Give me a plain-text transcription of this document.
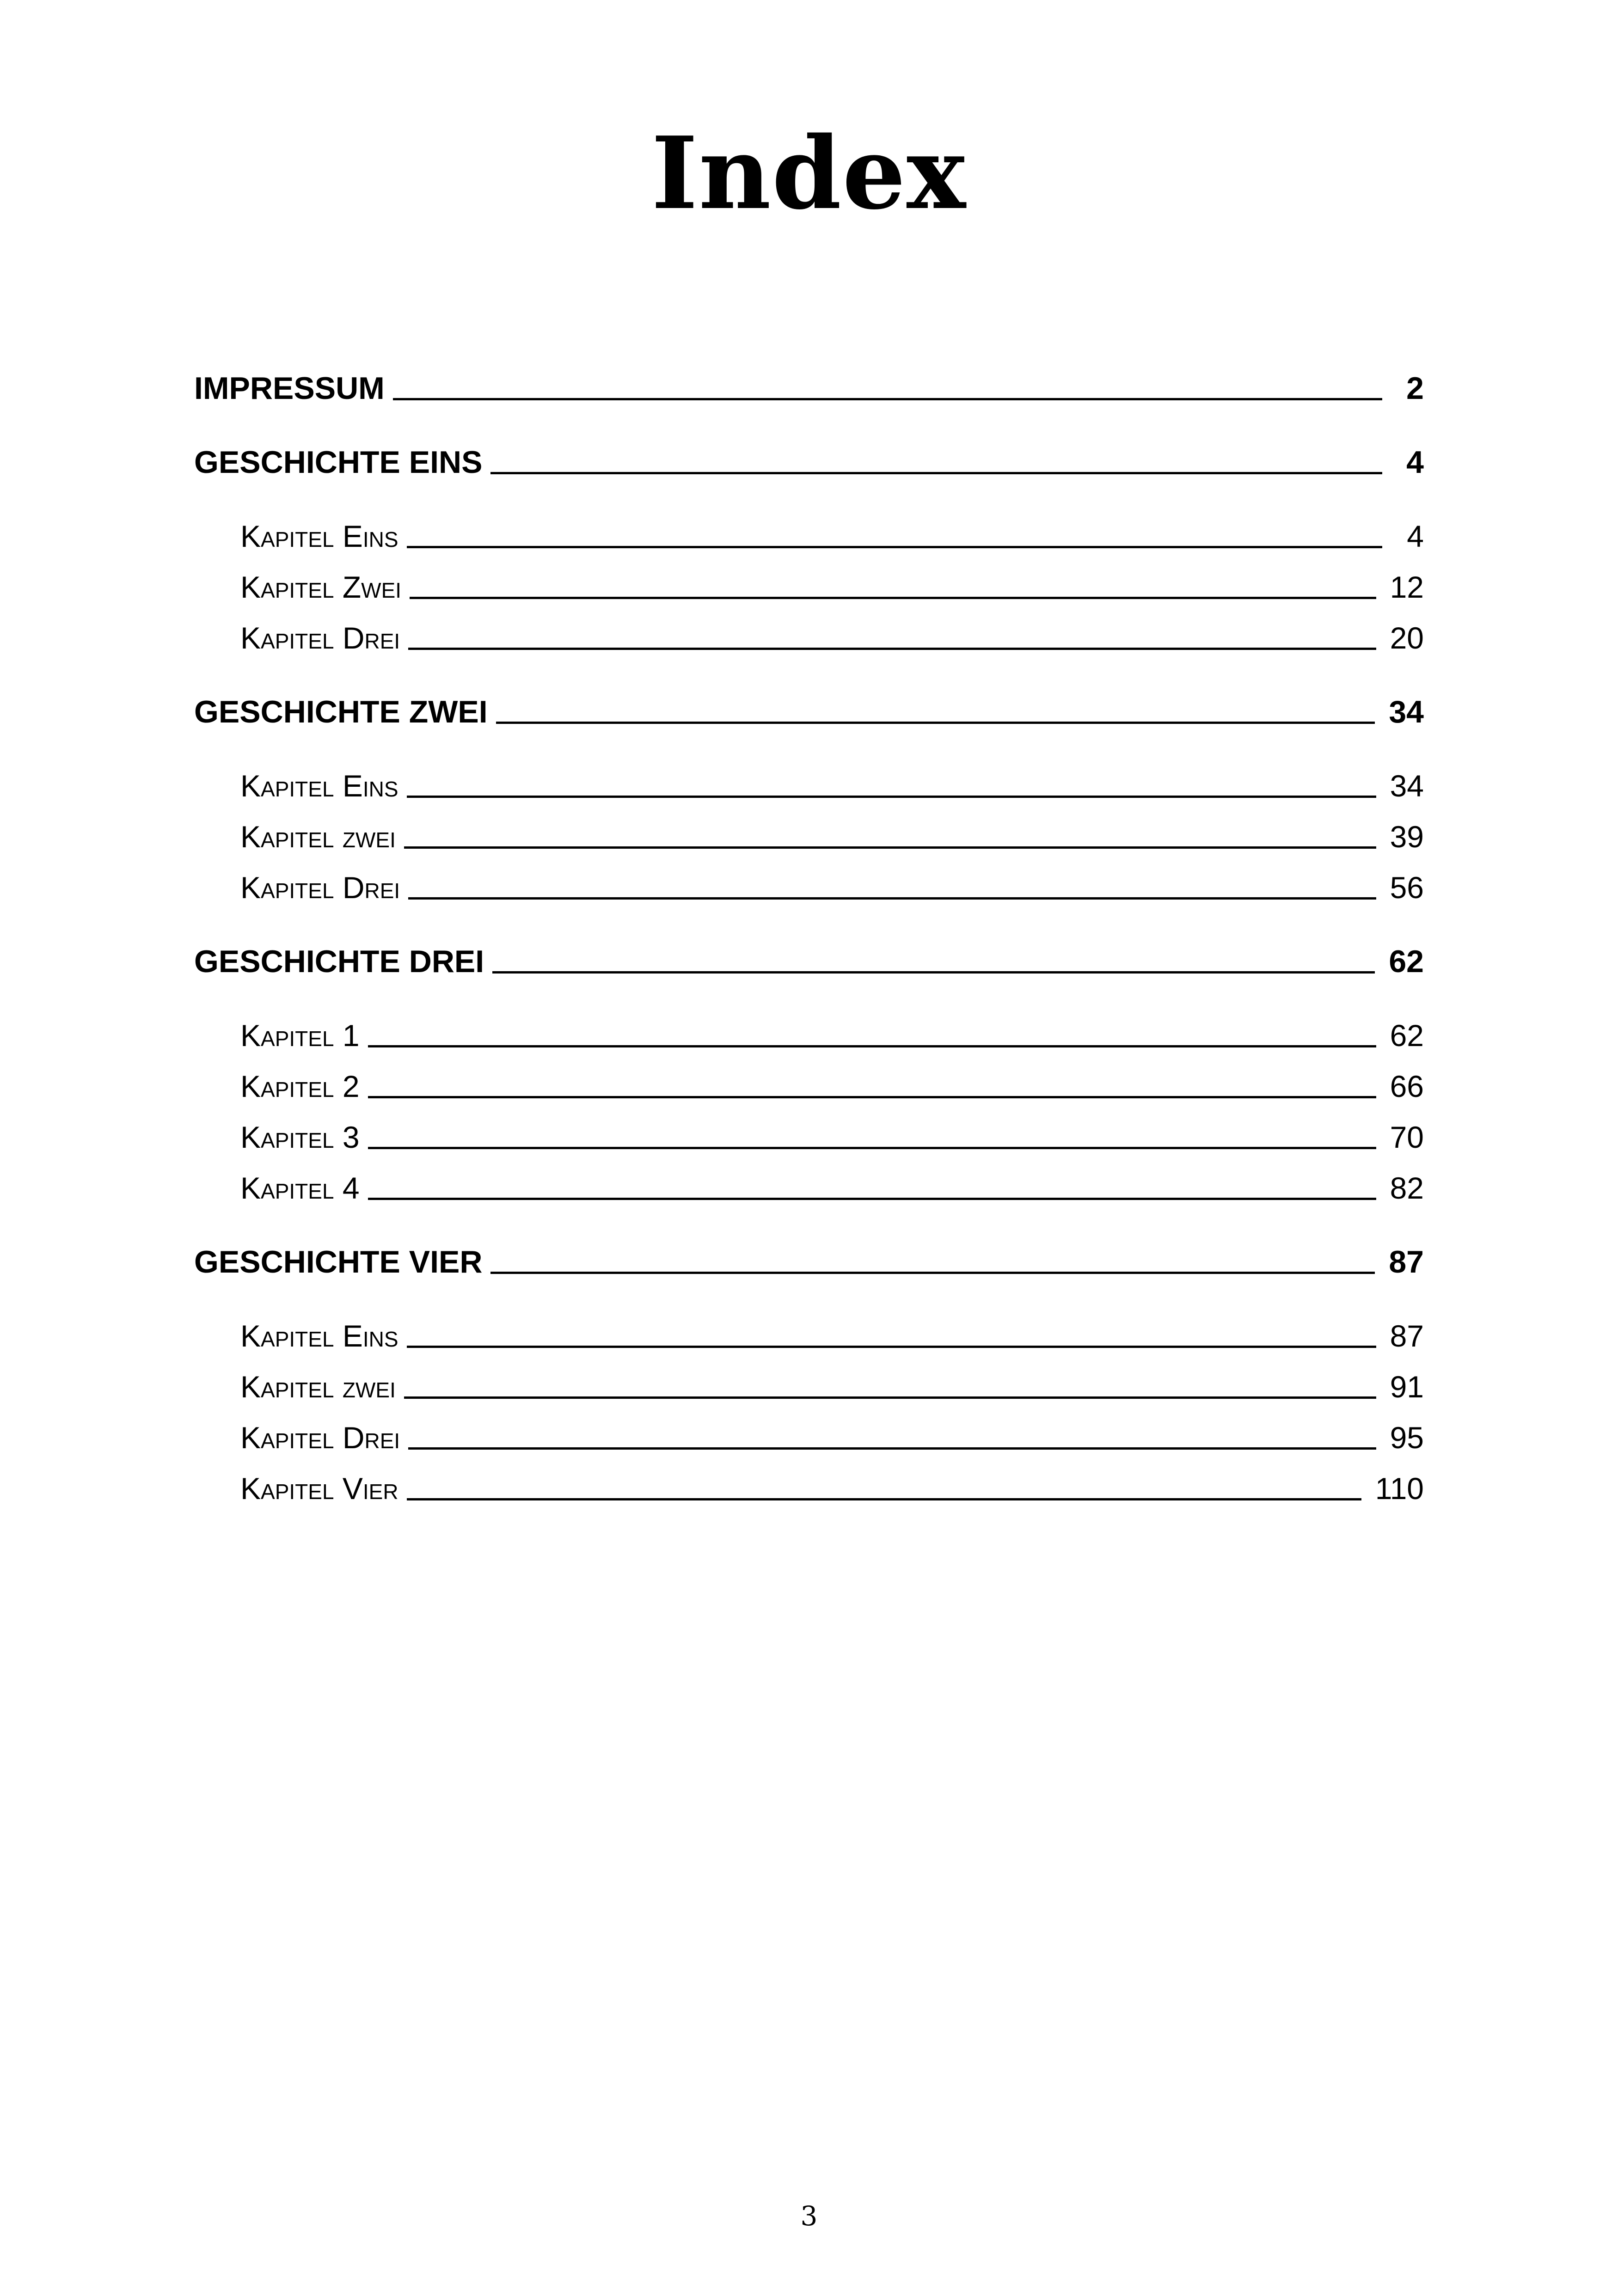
Index
IMPRESSUM	2
GESCHICHTE EINS	4
Kapitel Eins	4
Kapitel Zwei	12
Kapitel Drei	20
GESCHICHTE ZWEI	34
Kapitel Eins	34
Kapitel zwei	39
Kapitel Drei	56
GESCHICHTE DREI	62
Kapitel 1	62
Kapitel 2	66
Kapitel 3	70
Kapitel 4	82
GESCHICHTE VIER	87
Kapitel Eins	87
Kapitel zwei	91
Kapitel Drei	95
Kapitel Vier	110
3
